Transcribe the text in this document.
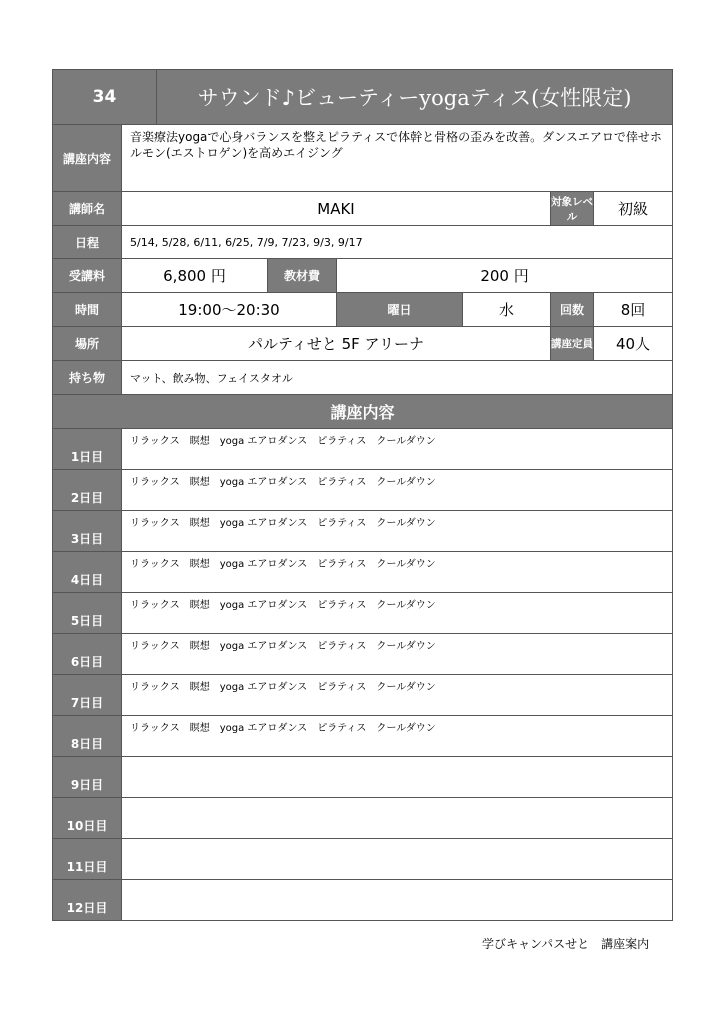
34		サウンド♪ビューティーyogaティス(女性限定)					
講座内容	音楽療法yogaで心身バランスを整えピラティスで体幹と骨格の歪みを改善。ダンスエアロで倖せホルモン(エストロゲン)を高めエイジング						
講師名	MAKI					対象レベル	初級
日程	5/14, 5/28, 6/11, 6/25, 7/9, 7/23, 9/3, 9/17						
受講料	6,800 円		教材費	200 円			
時間	19:00～20:30			曜日	水	回数	8回
場所	パルティせと 5F アリーナ					講座定員	40人
持ち物	マット、飲み物、フェイスタオル						
講座内容							
1日目	リラックス　瞑想　yoga エアロダンス　ピラティス　クールダウン						
2日目	リラックス　瞑想　yoga エアロダンス　ピラティス　クールダウン						
3日目	リラックス　瞑想　yoga エアロダンス　ピラティス　クールダウン						
4日目	リラックス　瞑想　yoga エアロダンス　ピラティス　クールダウン						
5日目	リラックス　瞑想　yoga エアロダンス　ピラティス　クールダウン						
6日目	リラックス　瞑想　yoga エアロダンス　ピラティス　クールダウン						
7日目	リラックス　瞑想　yoga エアロダンス　ピラティス　クールダウン						
8日目	リラックス　瞑想　yoga エアロダンス　ピラティス　クールダウン						
9日目							
10日目							
11日目							
12日目							
学びキャンパスせと　講座案内
